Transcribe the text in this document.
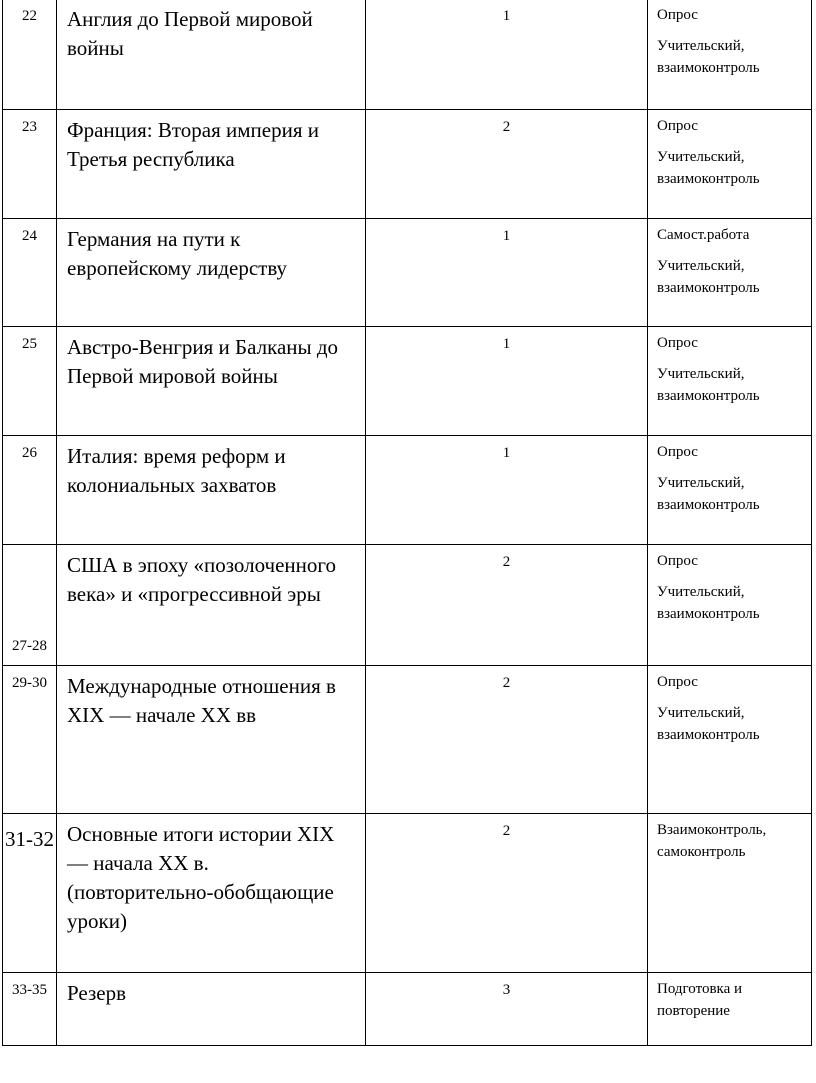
22	Англия до Первой мировой войны	1	Опрос
Учительский, взаимоконтроль

23	Франция: Вторая империя и Третья республика	2	Опрос
Учительский, взаимоконтроль

24	Германия на пути к европейскому лидерству	1	Самост.работа
Учительский, взаимоконтроль

25	Австро-Венгрия и Балканы до Первой мировой войны	1	Опрос
Учительский, взаимоконтроль

26	Италия: время реформ и колониальных захватов	1	Опрос
Учительский, взаимоконтроль

27-28	США в эпоху «позолоченного века» и «прогрессивной эры	2	Опрос
Учительский, взаимоконтроль

29-30	Международные отношения в XIX — начале XX вв	2	Опрос
Учительский, взаимоконтроль

31-32	Основные итоги истории XIX — начала XX в. (повторительно-обобщающие уроки)	2	Взаимоконтроль, самоконтроль

33-35	Резерв	3	Подготовка и повторение
